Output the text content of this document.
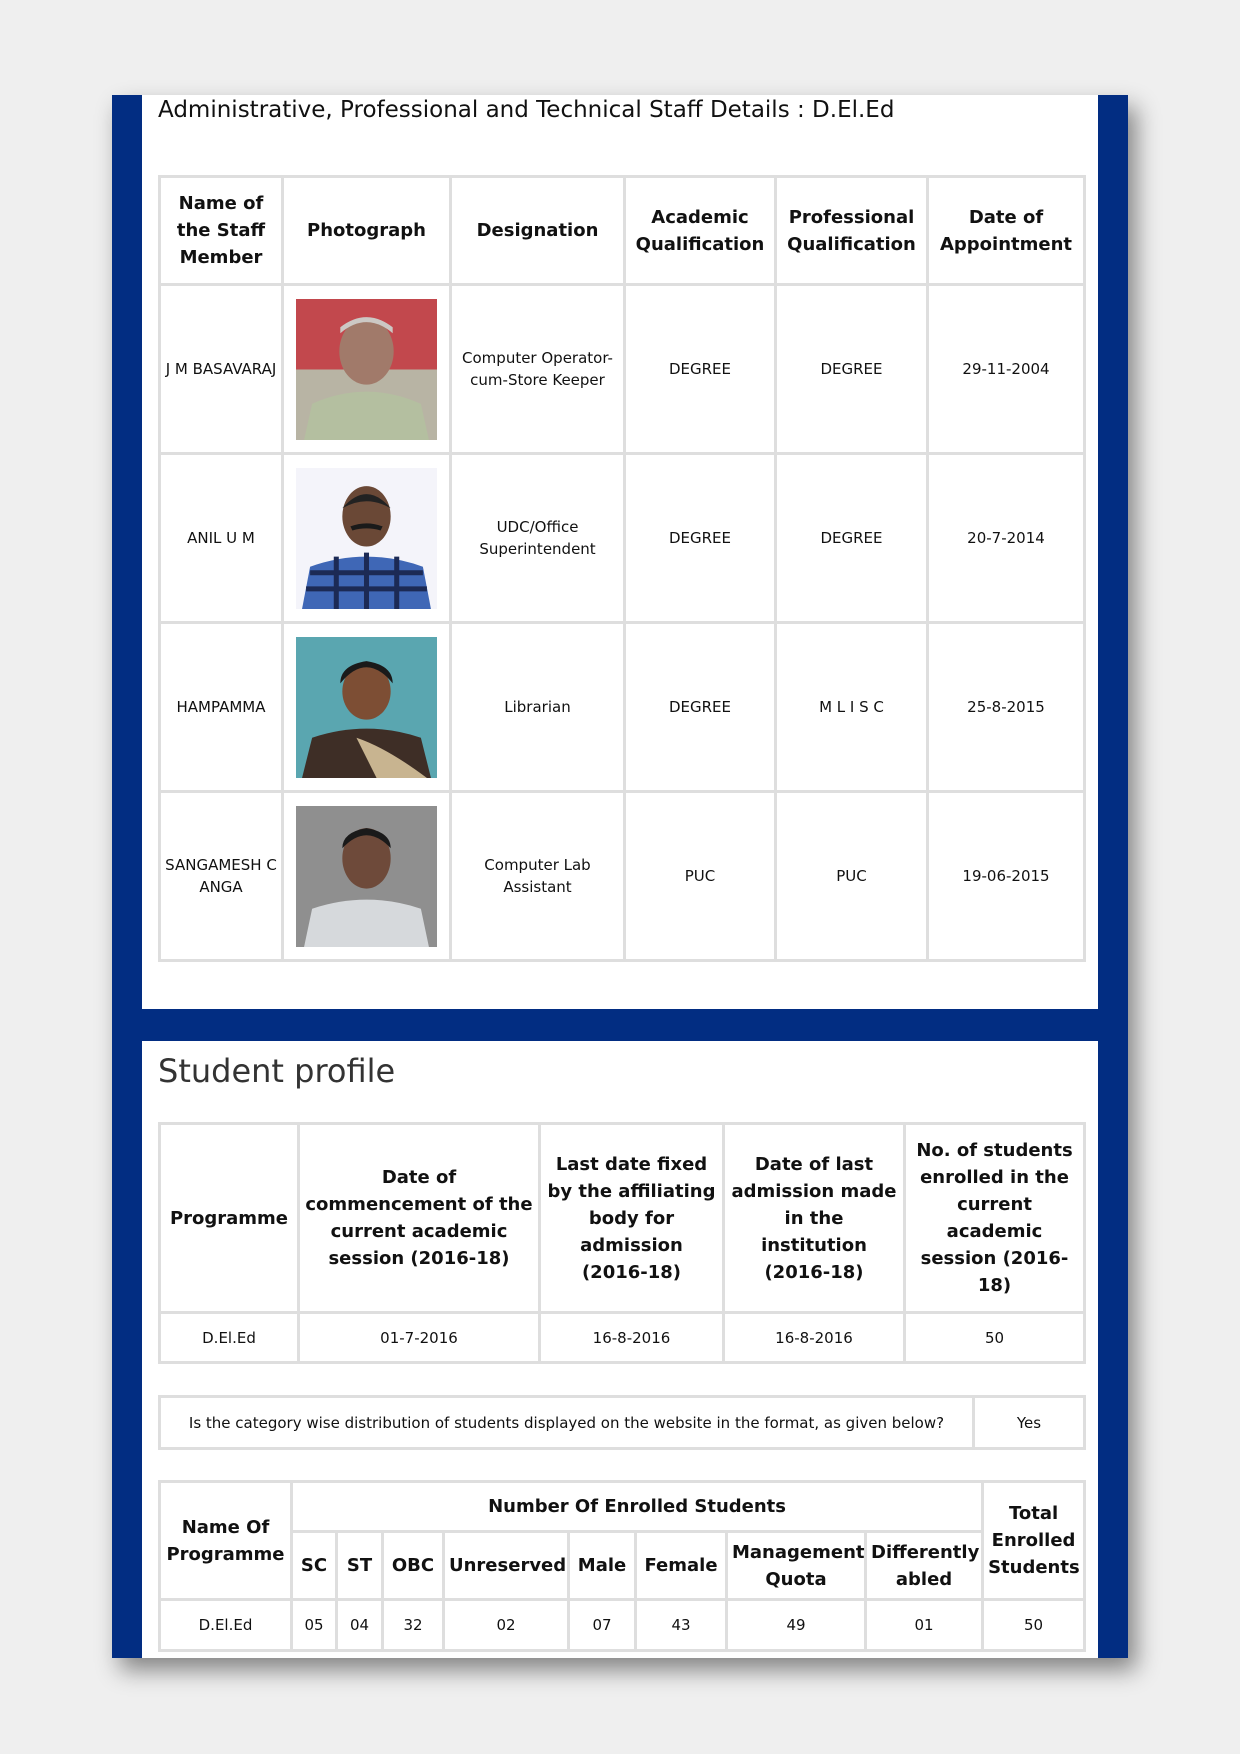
Administrative, Professional and Technical Staff Details : D.El.Ed
Name of the Staff Member	Photograph	Designation	Academic Qualification	Professional Qualification	Date of Appointment
J M BASAVARAJ		Computer Operator-cum-Store Keeper	DEGREE	DEGREE	29-11-2004
ANIL U M		UDC/Office Superintendent	DEGREE	DEGREE	20-7-2014
HAMPAMMA		Librarian	DEGREE	M L I S C	25-8-2015
SANGAMESH C ANGA		Computer Lab Assistant	PUC	PUC	19-06-2015
Student profile
Programme	Date of commencement of the current academic session (2016-18)	Last date fixed by the affiliating body for admission (2016-18)	Date of last admission made in the institution (2016-18)	No. of students enrolled in the current academic session (2016-18)
D.El.Ed	01-7-2016	16-8-2016	16-8-2016	50
Is the category wise distribution of students displayed on the website in the format, as given below?	Yes
Name Of Programme	Number Of Enrolled Students								Total Enrolled Students
	SC	ST	OBC	Unreserved	Male	Female	Management Quota	Differently abled	
D.El.Ed	05	04	32	02	07	43	49	01	50
